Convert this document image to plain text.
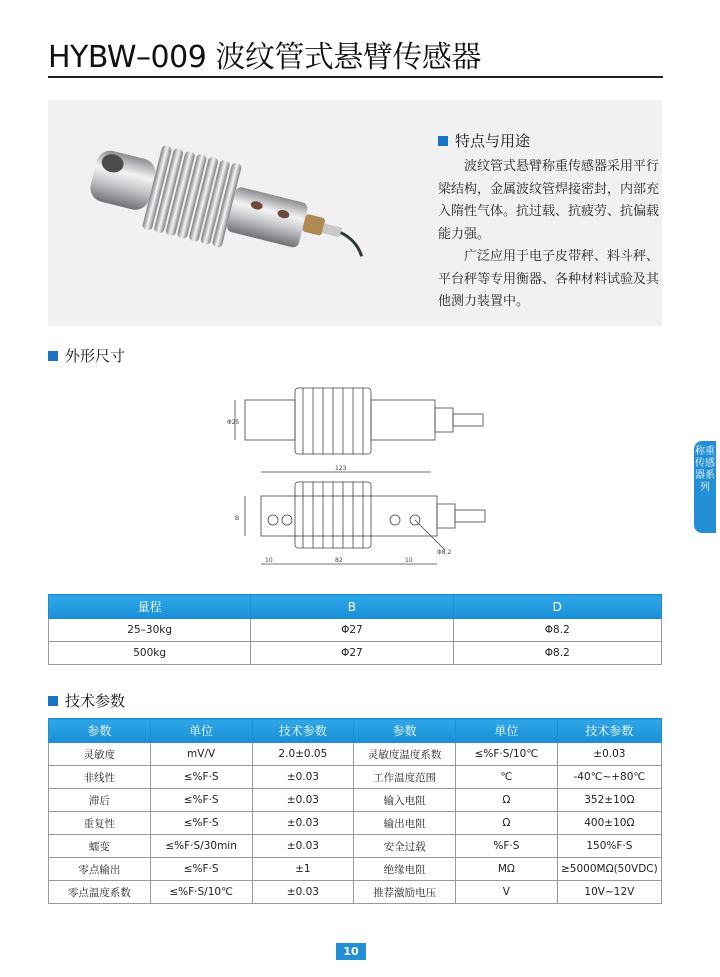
HYBW–009 波纹管式悬臂传感器
特点与用途

波纹管式悬臂称重传感器采用平行梁结构，金属波纹管焊接密封，内部充入隋性气体。抗过载、抗疲劳、抗偏载能力强。

广泛应用于电子皮带秤、料斗秤、平台秤等专用衡器、各种材料试验及其他测力装置中。

外形尺寸
Φ25
123
B
10	82	10
Φ8.2
量程	B	D
25–30kg	Φ27	Φ8.2
500kg	Φ27	Φ8.2
技术参数
参数	单位	技术参数	参数	单位	技术参数
灵敏度	mV/V	2.0±0.05	灵敏度温度系数	≤%F·S/10℃	±0.03
非线性	≤%F·S	±0.03	工作温度范围	℃	-40℃~+80℃
滞后	≤%F·S	±0.03	输入电阻	Ω	352±10Ω
重复性	≤%F·S	±0.03	输出电阻	Ω	400±10Ω
蠕变	≤%F·S/30min	±0.03	安全过载	%F·S	150%F·S
零点输出	≤%F·S	±1	绝缘电阻	MΩ	≥5000MΩ(50VDC)
零点温度系数	≤%F·S/10℃	±0.03	推荐激励电压	V	10V~12V
称重传感器系列
10
